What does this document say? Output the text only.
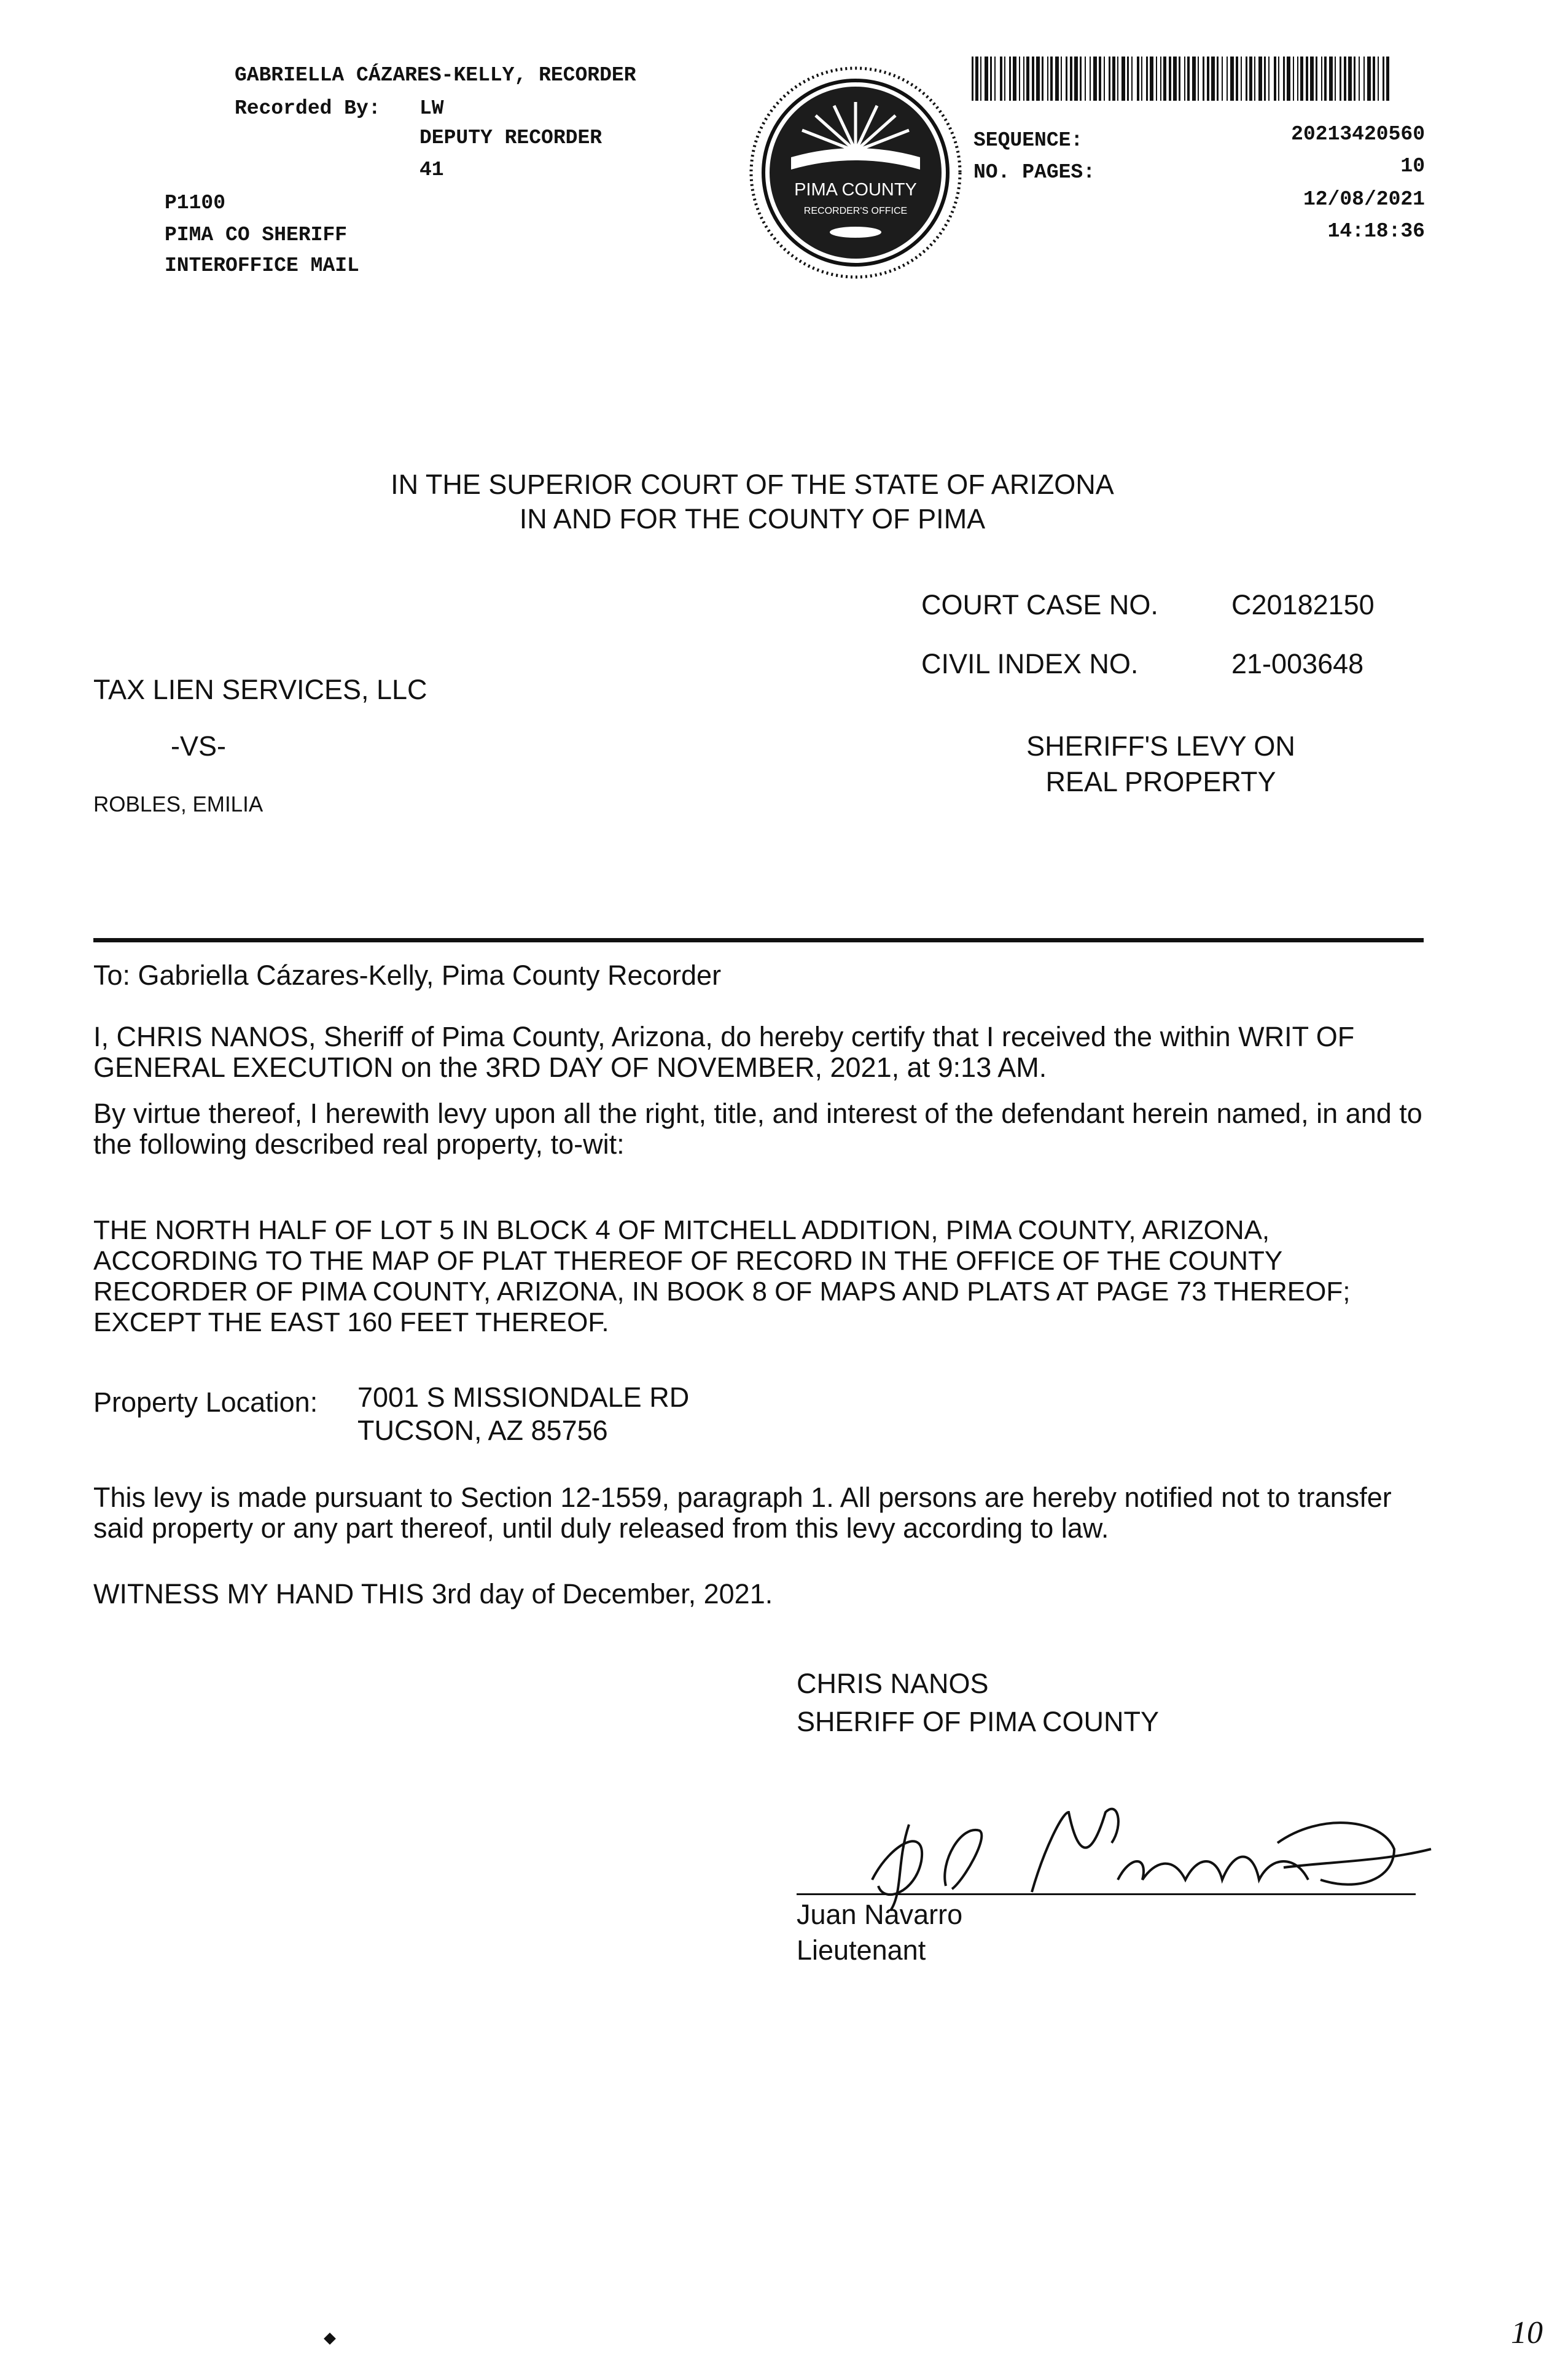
GABRIELLA CÁZARES-KELLY, RECORDER
Recorded By: LW
DEPUTY RECORDER
41
P1100
PIMA CO SHERIFF
INTEROFFICE MAIL
PIMA COUNTY
RECORDER'S OFFICE
SEQUENCE:	20213420560
NO. PAGES:	10
12/08/2021
14:18:36
IN THE SUPERIOR COURT OF THE STATE OF ARIZONA
IN AND FOR THE COUNTY OF PIMA
COURT CASE NO.	C20182150
CIVIL INDEX NO.	21-003648
SHERIFF'S LEVY ON
REAL PROPERTY
TAX LIEN SERVICES, LLC
-VS-
ROBLES, EMILIA
To: Gabriella Cázares-Kelly, Pima County Recorder
I, CHRIS NANOS, Sheriff of Pima County, Arizona, do hereby certify that I received the within WRIT OF GENERAL EXECUTION on the 3RD DAY OF NOVEMBER, 2021, at 9:13 AM.
By virtue thereof, I herewith levy upon all the right, title, and interest of the defendant herein named, in and to the following described real property, to-wit:
THE NORTH HALF OF LOT 5 IN BLOCK 4 OF MITCHELL ADDITION, PIMA COUNTY, ARIZONA, ACCORDING TO THE MAP OF PLAT THEREOF OF RECORD IN THE OFFICE OF THE COUNTY RECORDER OF PIMA COUNTY, ARIZONA, IN BOOK 8 OF MAPS AND PLATS AT PAGE 73 THEREOF; EXCEPT THE EAST 160 FEET THEREOF.
Property Location: 7001 S MISSIONDALE RD
TUCSON, AZ 85756
This levy is made pursuant to Section 12-1559, paragraph 1. All persons are hereby notified not to transfer said property or any part thereof, until duly released from this levy according to law.
WITNESS MY HAND THIS 3rd day of December, 2021.
CHRIS NANOS
SHERIFF OF PIMA COUNTY
Juan Navarro
Lieutenant
10
